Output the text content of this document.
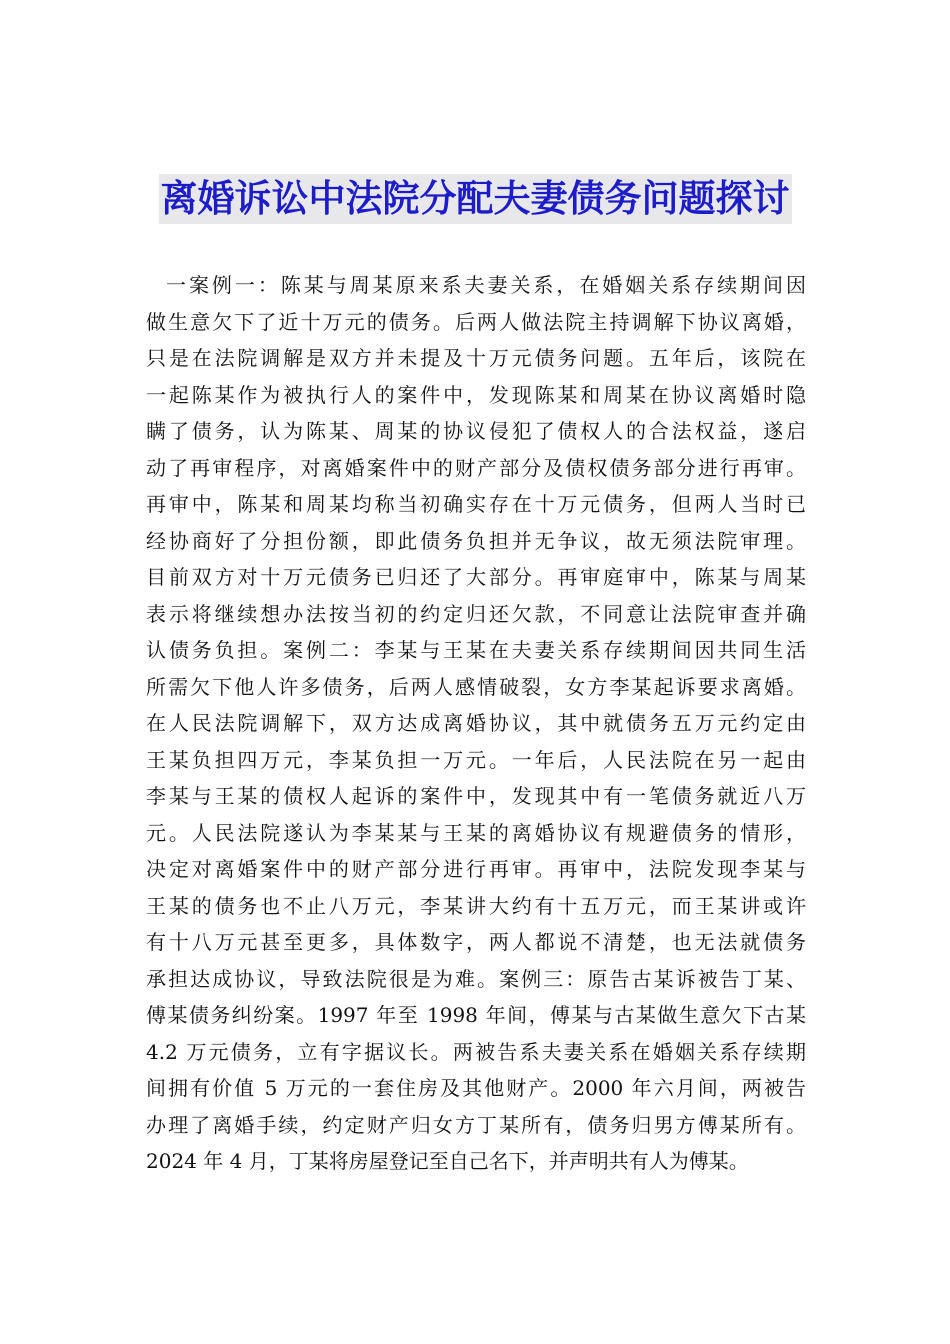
离婚诉讼中法院分配夫妻债务问题探讨
一案例一：陈某与周某原来系夫妻关系，在婚姻关系存续期间因
做生意欠下了近十万元的债务。后两人做法院主持调解下协议离婚，
只是在法院调解是双方并未提及十万元债务问题。五年后，该院在
一起陈某作为被执行人的案件中，发现陈某和周某在协议离婚时隐
瞒了债务，认为陈某、周某的协议侵犯了债权人的合法权益，遂启
动了再审程序，对离婚案件中的财产部分及债权债务部分进行再审。
再审中，陈某和周某均称当初确实存在十万元债务，但两人当时已
经协商好了分担份额，即此债务负担并无争议，故无须法院审理。
目前双方对十万元债务已归还了大部分。再审庭审中，陈某与周某
表示将继续想办法按当初的约定归还欠款，不同意让法院审查并确
认债务负担。案例二：李某与王某在夫妻关系存续期间因共同生活
所需欠下他人许多债务，后两人感情破裂，女方李某起诉要求离婚。
在人民法院调解下，双方达成离婚协议，其中就债务五万元约定由
王某负担四万元，李某负担一万元。一年后，人民法院在另一起由
李某与王某的债权人起诉的案件中，发现其中有一笔债务就近八万
元。人民法院遂认为李某某与王某的离婚协议有规避债务的情形，
决定对离婚案件中的财产部分进行再审。再审中，法院发现李某与
王某的债务也不止八万元，李某讲大约有十五万元，而王某讲或许
有十八万元甚至更多，具体数字，两人都说不清楚，也无法就债务
承担达成协议，导致法院很是为难。案例三：原告古某诉被告丁某、
傅某债务纠纷案。1997 年至 1998 年间，傅某与古某做生意欠下古某
4.2 万元债务，立有字据议长。两被告系夫妻关系在婚姻关系存续期
间拥有价值 5 万元的一套住房及其他财产。2000 年六月间，两被告
办理了离婚手续，约定财产归女方丁某所有，债务归男方傅某所有。
2024 年 4 月，丁某将房屋登记至自己名下，并声明共有人为傅某。
